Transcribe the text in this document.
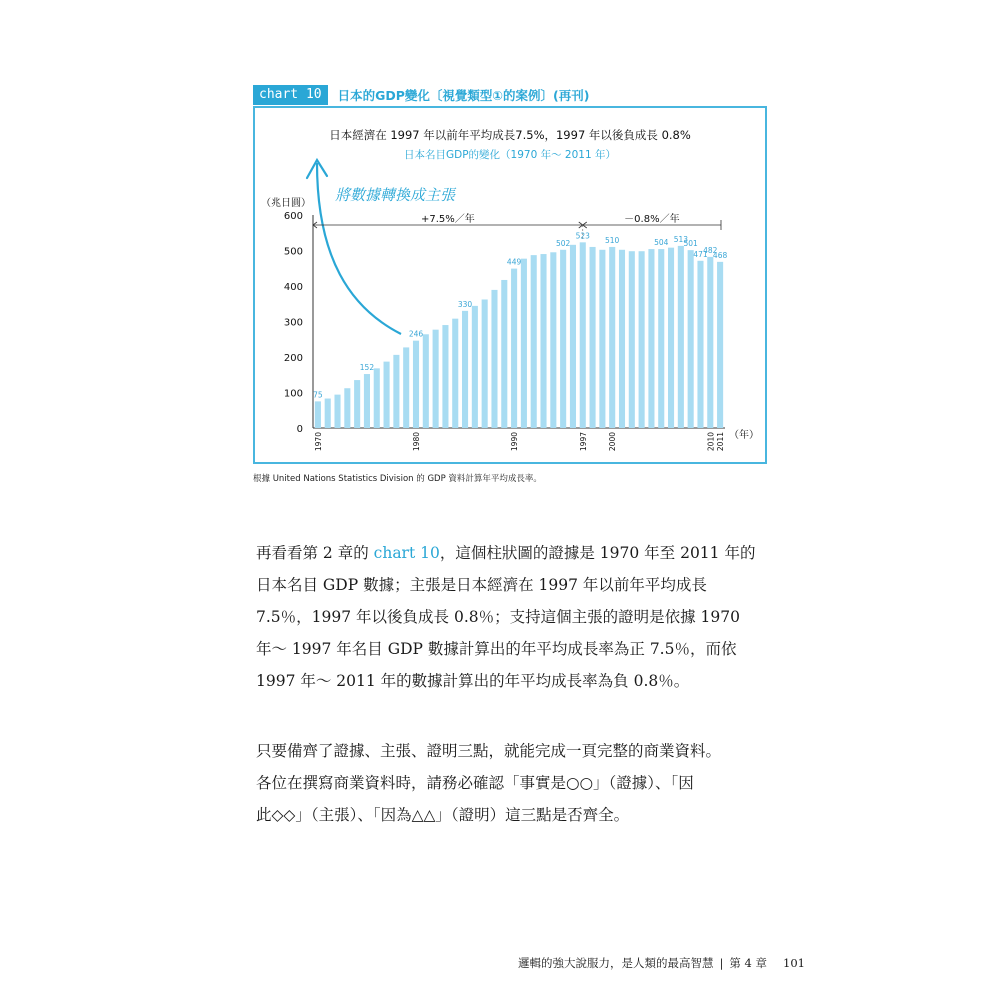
chart 10	日本的GDP變化〔視覺類型①的案例〕(再刊)
日本經濟在 1997 年以前年平均成長7.5%，1997 年以後負成長 0.8%
日本名目GDP的變化（1970 年～ 2011 年）
將數據轉換成主張
（兆日圓）
0
100
200
300
400
500
600	+7.5%／年	－0.8%／年
75
152
246
330
449
502
523
510	504 513
501
471
482
468
1970	1980	1990	1997	2000	2010 2011 （年）
根據 United Nations Statistics Division 的 GDP 資料計算年平均成長率。
再看看第 2 章的 chart 10，這個柱狀圖的證據是 1970 年至 2011 年的
日本名目 GDP 數據；主張是日本經濟在 1997 年以前年平均成長
7.5％，1997 年以後負成長 0.8％；支持這個主張的證明是依據 1970
年～ 1997 年名目 GDP 數據計算出的年平均成長率為正 7.5％，而依
1997 年～ 2011 年的數據計算出的年平均成長率為負 0.8％。
只要備齊了證據、主張、證明三點，就能完成一頁完整的商業資料。
各位在撰寫商業資料時，請務必確認「事實是○○」（證據）、「因
此◇◇」（主張）、「因為△△」（證明）這三點是否齊全。
邏輯的強大說服力，是人類的最高智慧 | 第 4 章 101
